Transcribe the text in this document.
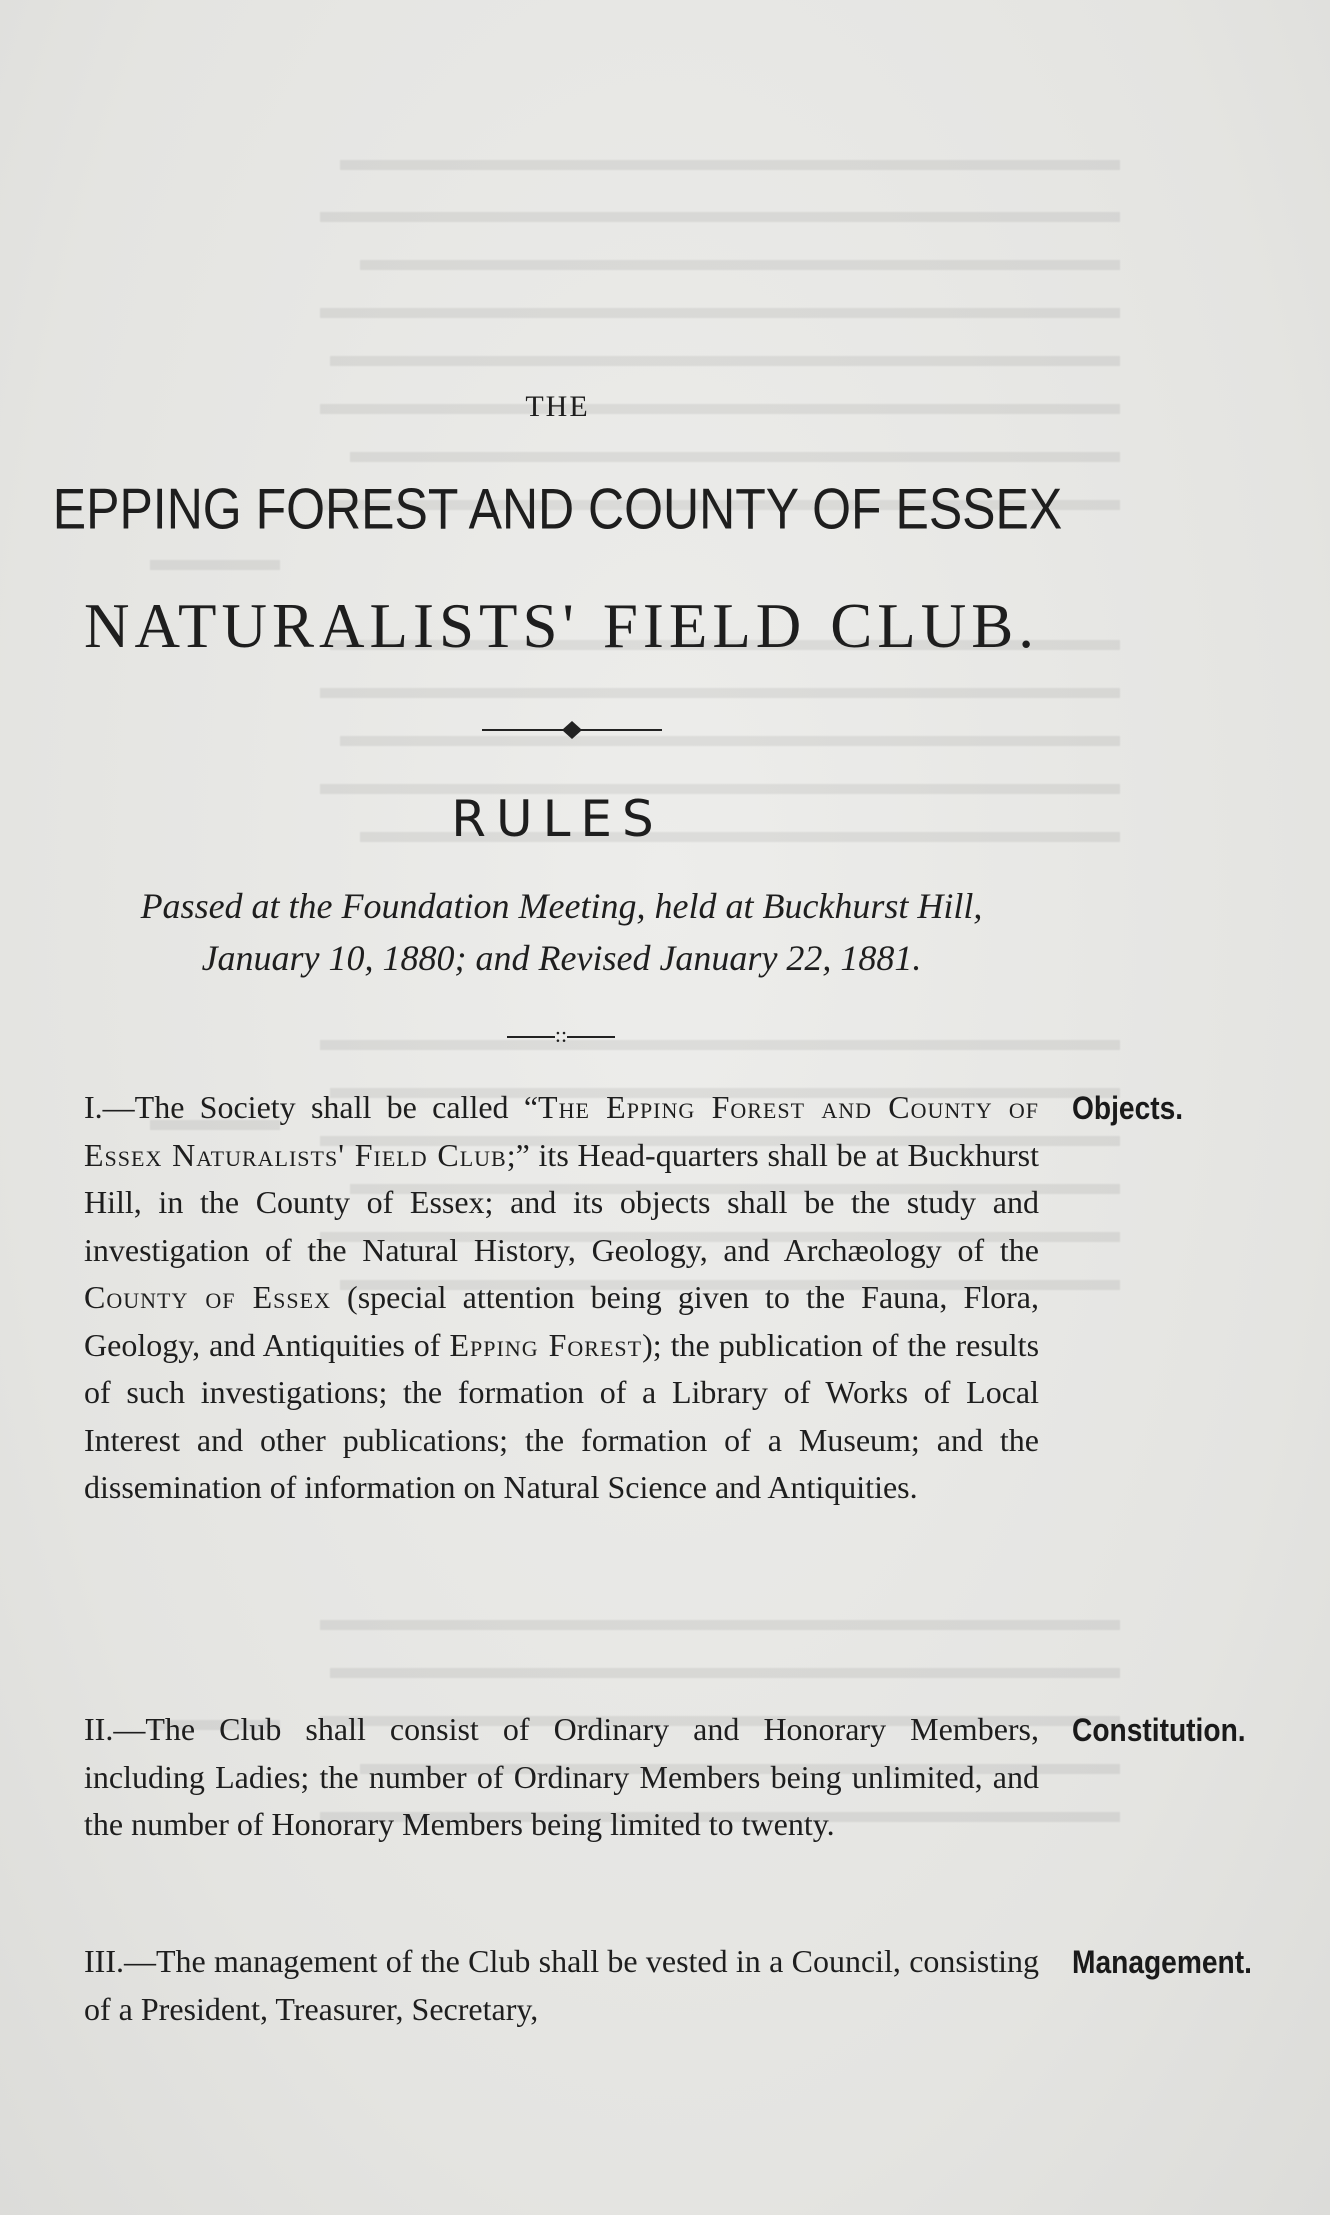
THE
EPPING FOREST AND COUNTY OF ESSEX
NATURALISTS' FIELD CLUB.
RULES
Passed at the Foundation Meeting, held at Buckhurst Hill,
January 10, 1880; and Revised January 22, 1881.
::
I.—The Society shall be called “The Epping Forest and County of Essex Naturalists' Field Club;” its Head-quarters shall be at Buckhurst Hill, in the County of Essex; and its objects shall be the study and investigation of the Natural History, Geology, and Archæology of the County of Essex (special attention being given to the Fauna, Flora, Geology, and Antiquities of Epping Forest); the publication of the results of such investigations; the formation of a Library of Works of Local Interest and other publications; the formation of a Museum; and the dissemination of information on Natural Science and Antiquities.
Objects.
II.—The Club shall consist of Ordinary and Honorary Members, including Ladies; the number of Ordinary Members being unlimited, and the number of Honorary Members being limited to twenty.
Constitution.
III.—The management of the Club shall be vested in a Council, consisting of a President, Treasurer, Secretary,
Management.
